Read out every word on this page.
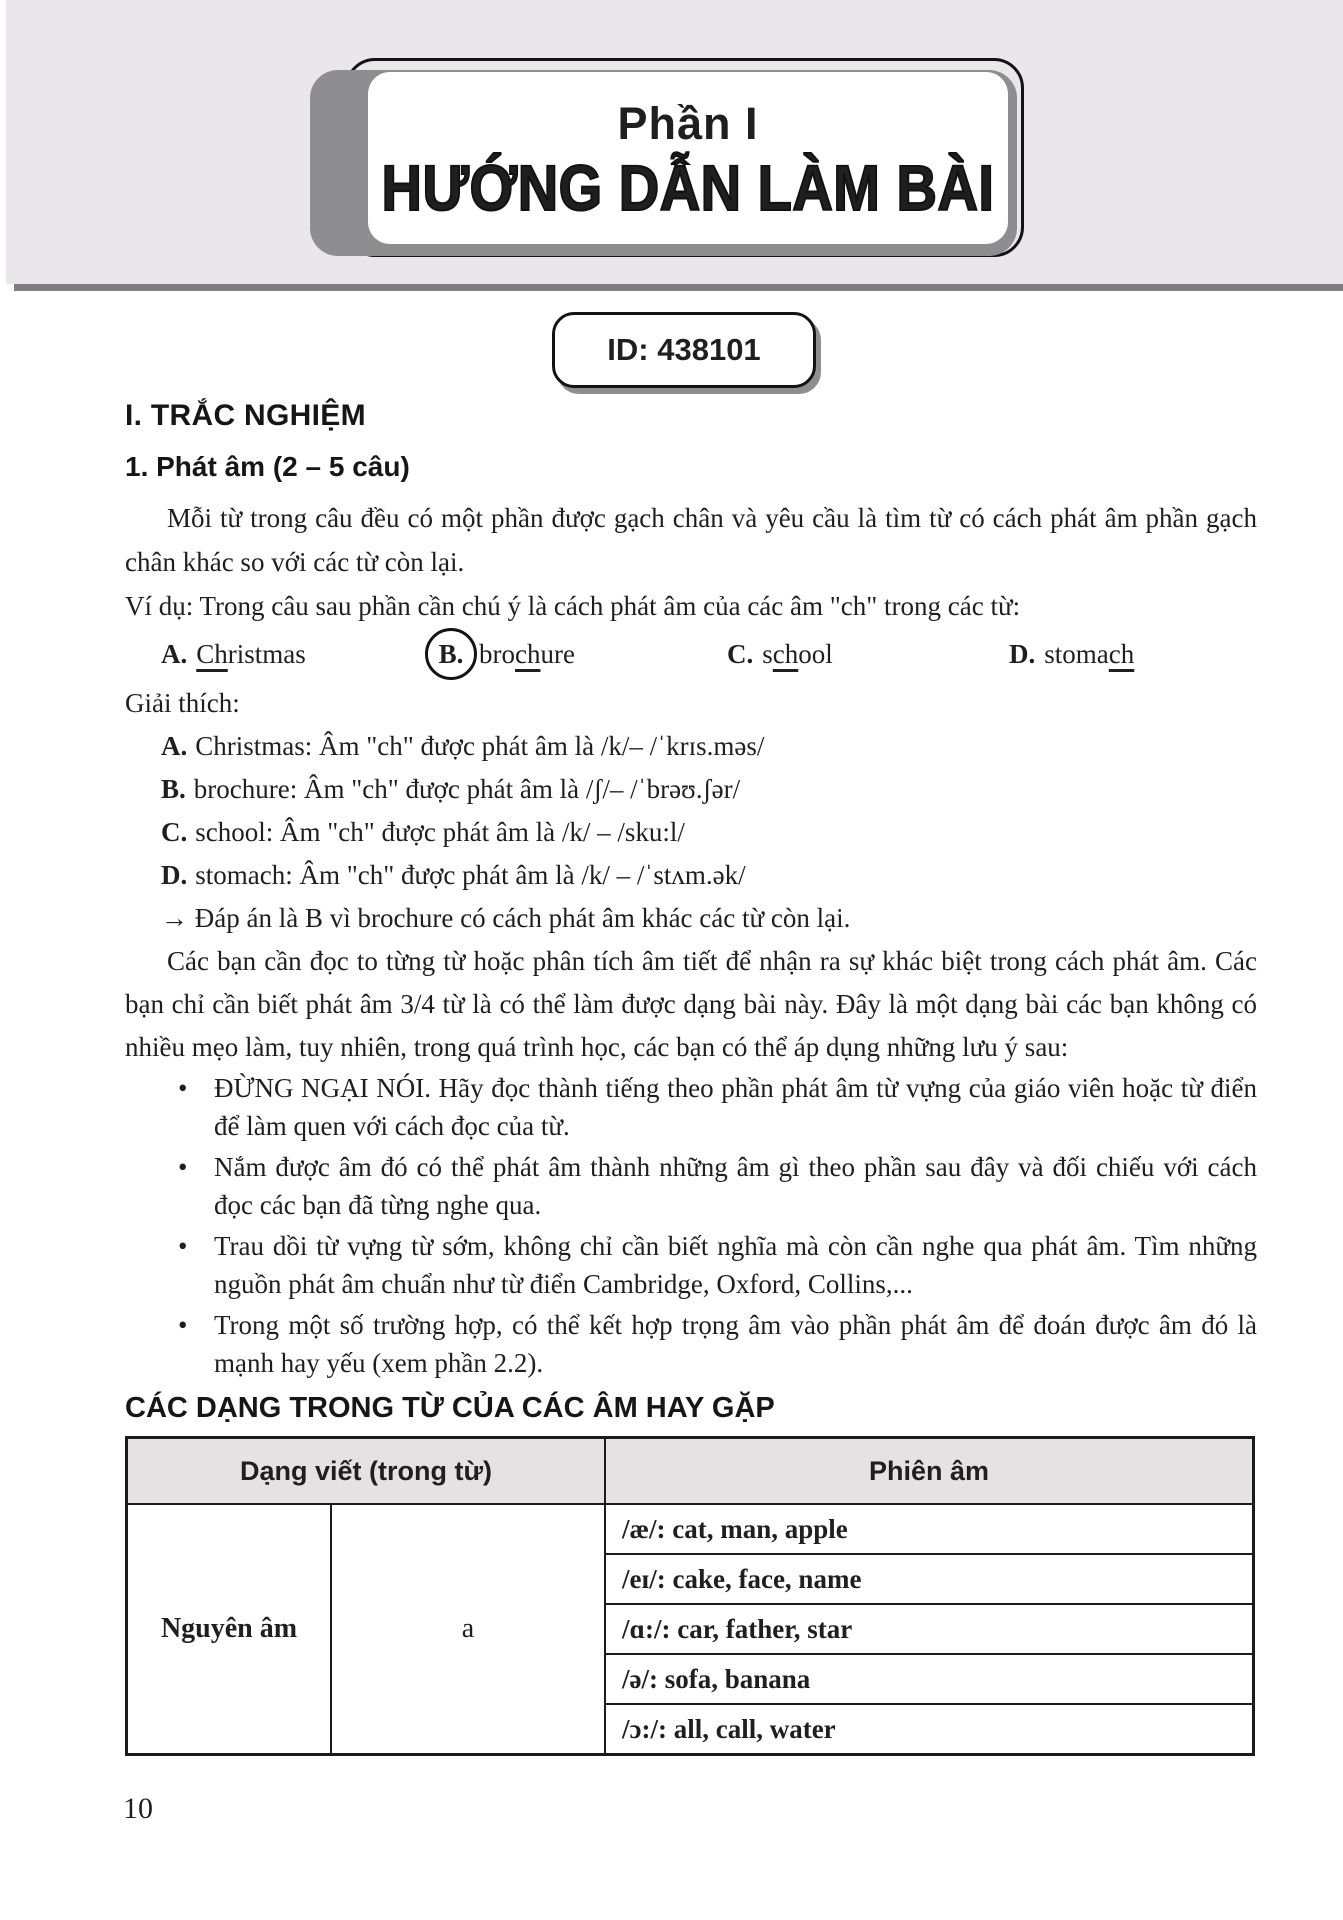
Phần I
HƯỚNG DẪN LÀM BÀI
ID: 438101
I. TRẮC NGHIỆM
1. Phát âm (2 – 5 câu)

Mỗi từ trong câu đều có một phần được gạch chân và yêu cầu là tìm từ có cách phát âm phần gạch chân khác so với các từ còn lại.

Ví dụ: Trong câu sau phần cần chú ý là cách phát âm của các âm "ch" trong các từ:

A. Christmas	B. brochure	C. school	D. stomach

Giải thích:

A. Christmas: Âm "ch" được phát âm là /k/– /ˈkrɪs.məs/
B. brochure: Âm "ch" được phát âm là /ʃ/– /ˈbrəʊ.ʃər/
C. school: Âm "ch" được phát âm là /k/ – /sku:l/
D. stomach: Âm "ch" được phát âm là /k/ – /ˈstʌm.ək/
→ Đáp án là B vì brochure có cách phát âm khác các từ còn lại.

Các bạn cần đọc to từng từ hoặc phân tích âm tiết để nhận ra sự khác biệt trong cách phát âm. Các bạn chỉ cần biết phát âm 3/4 từ là có thể làm được dạng bài này. Đây là một dạng bài các bạn không có nhiều mẹo làm, tuy nhiên, trong quá trình học, các bạn có thể áp dụng những lưu ý sau:

• ĐỪNG NGẠI NÓI. Hãy đọc thành tiếng theo phần phát âm từ vựng của giáo viên hoặc từ điển để làm quen với cách đọc của từ.
• Nắm được âm đó có thể phát âm thành những âm gì theo phần sau đây và đối chiếu với cách đọc các bạn đã từng nghe qua.
• Trau dồi từ vựng từ sớm, không chỉ cần biết nghĩa mà còn cần nghe qua phát âm. Tìm những nguồn phát âm chuẩn như từ điển Cambridge, Oxford, Collins,...
• Trong một số trường hợp, có thể kết hợp trọng âm vào phần phát âm để đoán được âm đó là mạnh hay yếu (xem phần 2.2).
CÁC DẠNG TRONG TỪ CỦA CÁC ÂM HAY GẶP
Dạng viết (trong từ)		Phiên âm
Nguyên âm	a	/æ/: cat, man, apple
		/eɪ/: cake, face, name
		/ɑ:/: car, father, star
		/ə/: sofa, banana
		/ɔ:/: all, call, water
10
